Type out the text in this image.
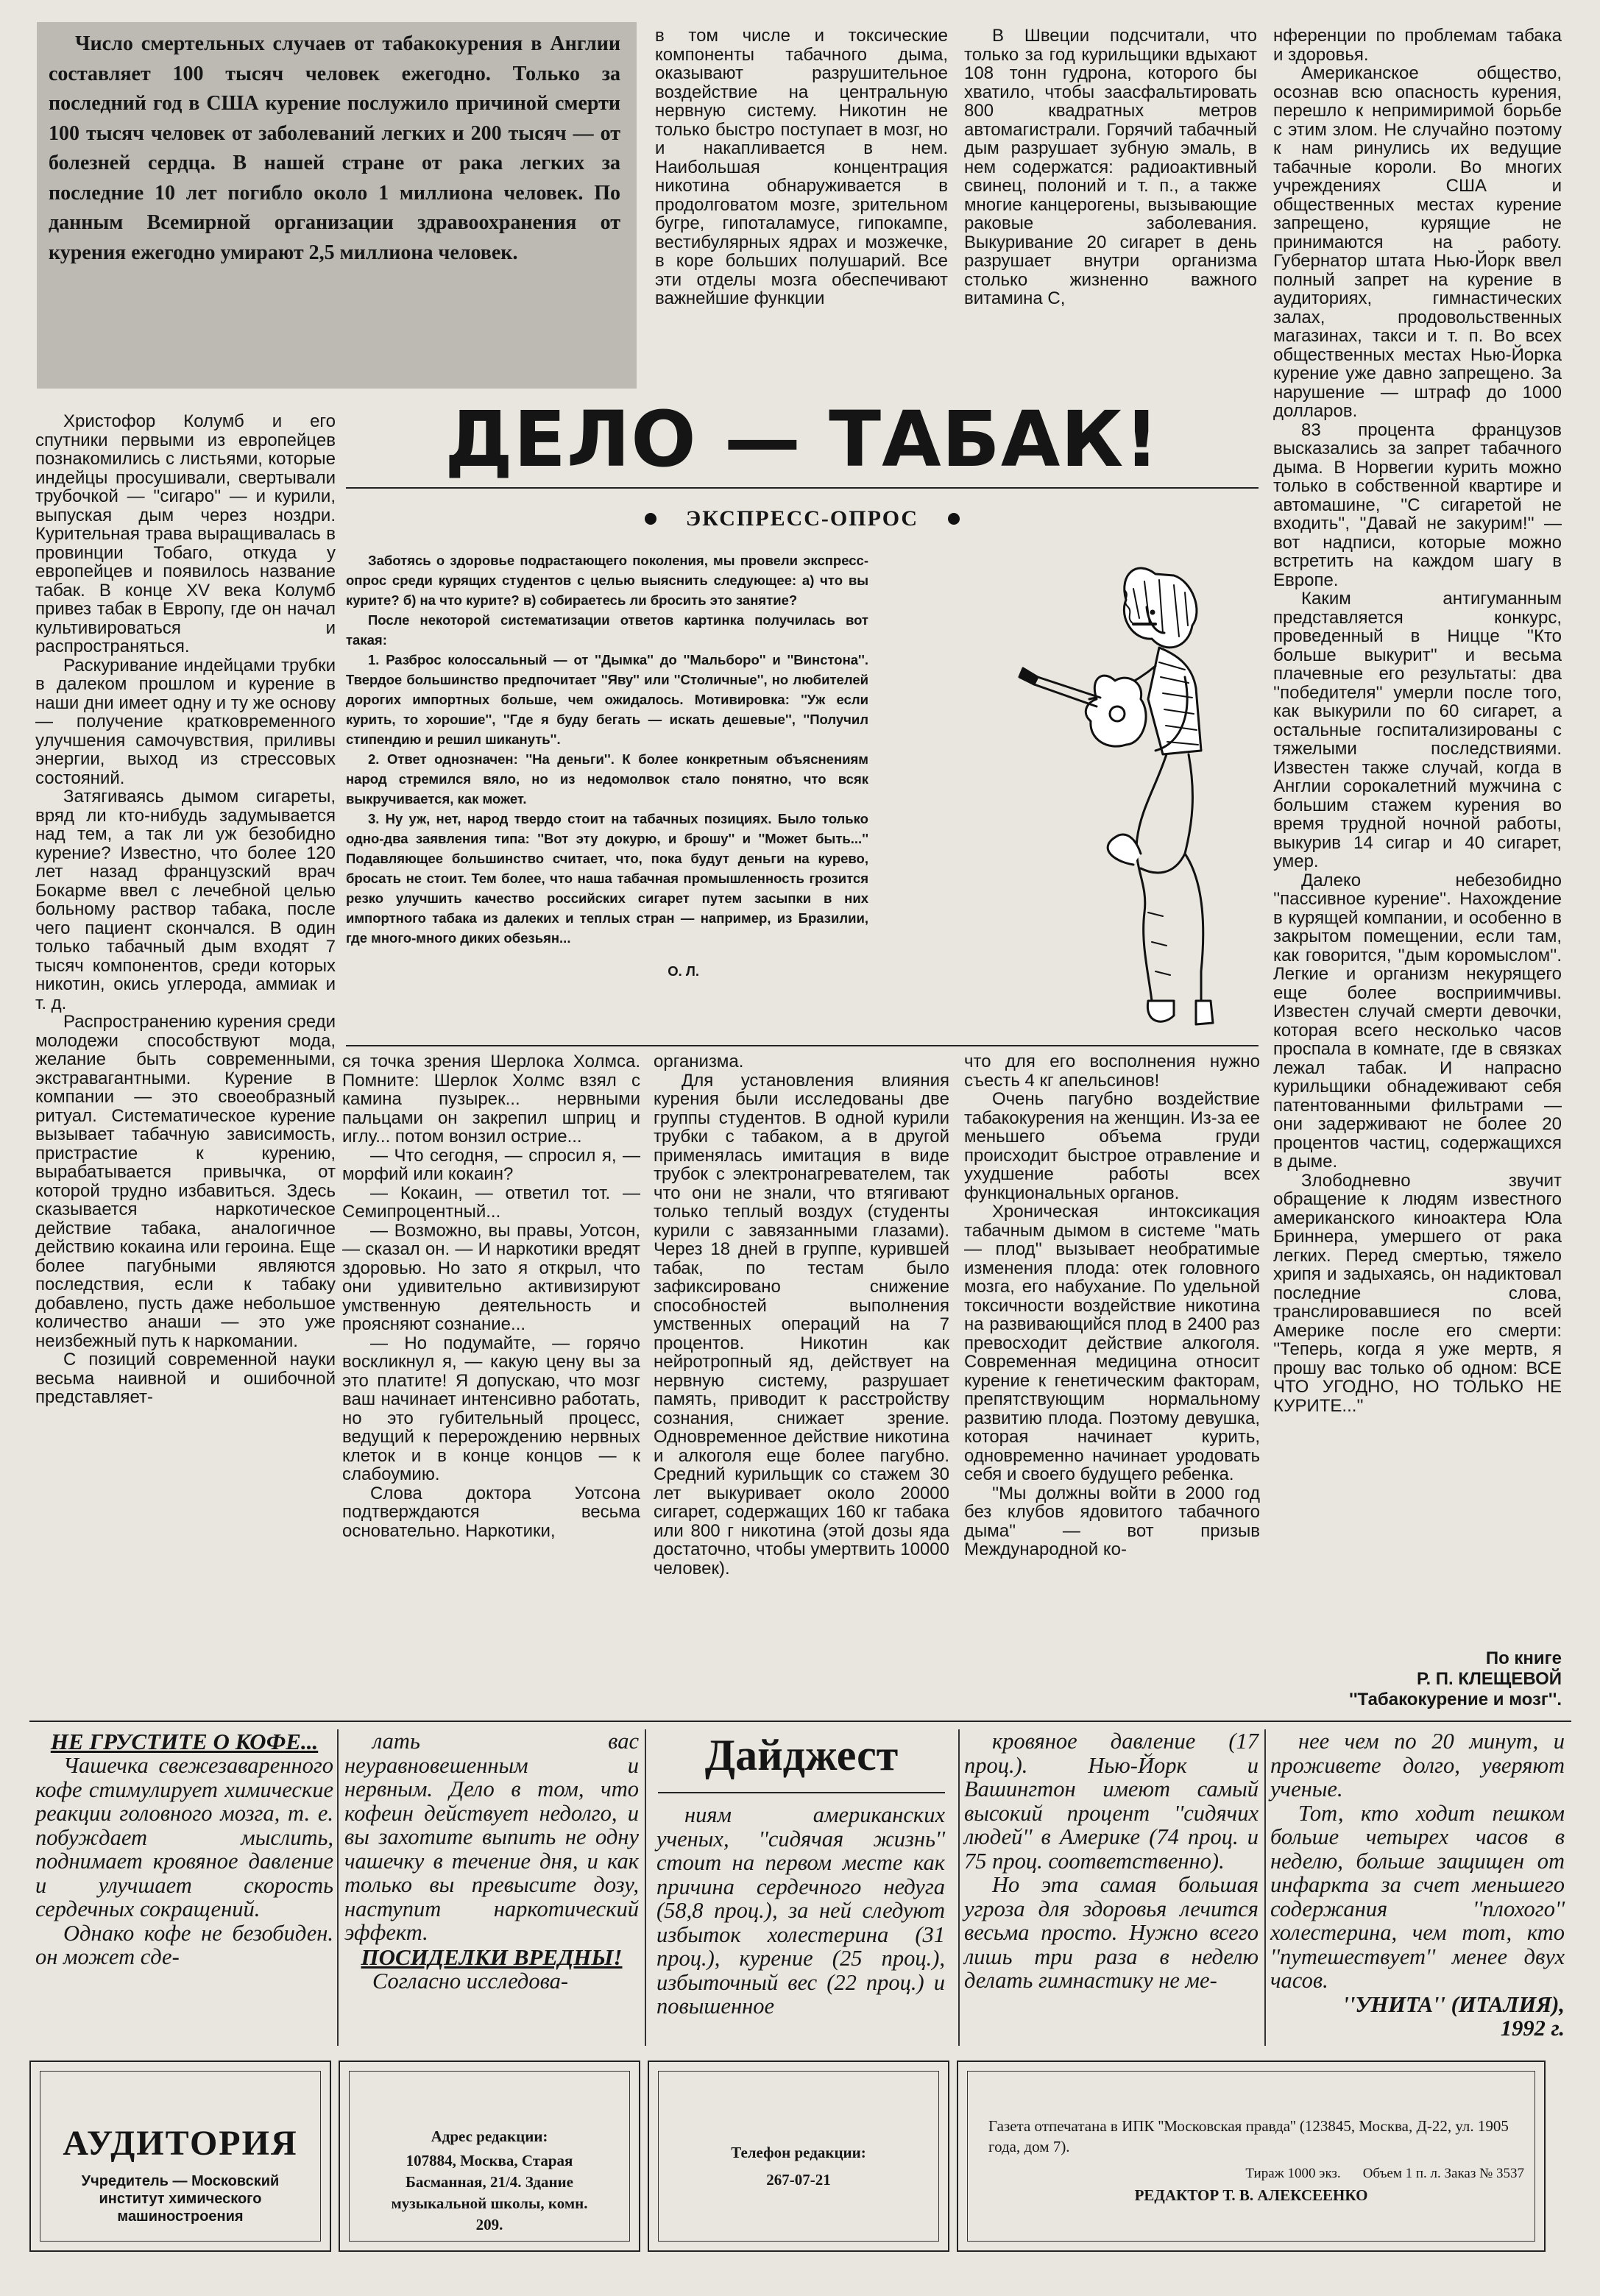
Число смертельных случаев от табакокурения в Англии составляет 100 тысяч человек ежегодно. Только за последний год в США курение послужило причиной смерти 100 тысяч человек от заболеваний легких и 200 тысяч — от болезней сердца. В нашей стране от рака легких за последние 10 лет погибло около 1 миллиона человек. По данным Всемирной организации здравоохранения от курения ежегодно умирают 2,5 миллиона человек.

в том числе и токсические компоненты табачного дыма, оказывают разрушительное воздействие на центральную нервную систему. Никотин не только быстро поступает в мозг, но и накапливается в нем. Наибольшая концентрация никотина обнаруживается в продолговатом мозге, зрительном бугре, гипоталамусе, гипокампе, вестибулярных ядрах и мозжечке, в коре больших полушарий. Все эти отделы мозга обеспечивают важнейшие функции

В Швеции подсчитали, что только за год курильщики вдыхают 108 тонн гудрона, которого бы хватило, чтобы заасфальтировать 800 квадратных метров автомагистрали. Горячий табачный дым разрушает зубную эмаль, в нем содержатся: радиоактивный свинец, полоний и т. п., а также многие канцерогены, вызывающие раковые заболевания. Выкуривание 20 сигарет в день разрушает внутри организма столько жизненно важного витамина С,

ДЕЛО — ТАБАК!
ЭКСПРЕСС-ОПРОС

Заботясь о здоровье подрастающего поколения, мы провели экспресс-опрос среди курящих студентов с целью выяснить следующее: а) что вы курите? б) на что курите? в) собираетесь ли бросить это занятие?

После некоторой систематизации ответов картинка получилась вот такая:

1. Разброс колоссальный — от ''Дымка'' до ''Мальборо'' и ''Винстона''. Твердое большинство предпочитает ''Яву'' или ''Столичные'', но любителей дорогих импортных больше, чем ожидалось. Мотивировка: ''Уж если курить, то хорошие'', ''Где я буду бегать — искать дешевые'', ''Получил стипендию и решил шикануть''.

2. Ответ однозначен: ''На деньги''. К более конкретным объяснениям народ стремился вяло, но из недомолвок стало понятно, что всяк выкручивается, как может.

3. Ну уж, нет, народ твердо стоит на табачных позициях. Было только одно-два заявления типа: ''Вот эту докурю, и брошу'' и ''Может быть...'' Подавляющее большинство считает, что, пока будут деньги на курево, бросать не стоит. Тем более, что наша табачная промышленность грозится резко улучшить качество российских сигарет путем засыпки в них импортного табака из далеких и теплых стран — например, из Бразилии, где много-много диких обезьян...

О. Л.

Христофор Колумб и его спутники первыми из европейцев познакомились с листьями, которые индейцы просушивали, свертывали трубочкой — ''сигаро'' — и курили, выпуская дым через ноздри. Курительная трава выращивалась в провинции Тобаго, откуда у европейцев и появилось название табак. В конце XV века Колумб привез табак в Европу, где он начал культивироваться и распространяться.

Раскуривание индейцами трубки в далеком прошлом и курение в наши дни имеет одну и ту же основу — получение кратковременного улучшения самочувствия, приливы энергии, выход из стрессовых состояний.

Затягиваясь дымом сигареты, вряд ли кто-нибудь задумывается над тем, а так ли уж безобидно курение? Известно, что более 120 лет назад французский врач Бокарме ввел с лечебной целью больному раствор табака, после чего пациент скончался. В один только табачный дым входят 7 тысяч компонентов, среди которых никотин, окись углерода, аммиак и т. д.

Распространению курения среди молодежи способствуют мода, желание быть современными, экстравагантными. Курение в компании — это своеобразный ритуал. Систематическое курение вызывает табачную зависимость, пристрастие к курению, вырабатывается привычка, от которой трудно избавиться. Здесь сказывается наркотическое действие табака, аналогичное действию кокаина или героина. Еще более пагубными являются последствия, если к табаку добавлено, пусть даже небольшое количество анаши — это уже неизбежный путь к наркомании.

С позиций современной науки весьма наивной и ошибочной представляет-

нференции по проблемам табака и здоровья.

Американское общество, осознав всю опасность курения, перешло к непримиримой борьбе с этим злом. Не случайно поэтому к нам ринулись их ведущие табачные короли. Во многих учреждениях США и общественных местах курение запрещено, курящие не принимаются на работу. Губернатор штата Нью-Йорк ввел полный запрет на курение в аудиториях, гимнастических залах, продовольственных магазинах, такси и т. п. Во всех общественных местах Нью-Йорка курение уже давно запрещено. За нарушение — штраф до 1000 долларов.

83 процента французов высказались за запрет табачного дыма. В Норвегии курить можно только в собственной квартире и автомашине, ''С сигаретой не входить'', ''Давай не закурим!'' — вот надписи, которые можно встретить на каждом шагу в Европе.

Каким антигуманным представляется конкурс, проведенный в Ницце ''Кто больше выкурит'' и весьма плачевные его результаты: два ''победителя'' умерли после того, как выкурили по 60 сигарет, а остальные госпитализированы с тяжелыми последствиями. Известен также случай, когда в Англии сорокалетний мужчина с большим стажем курения во время трудной ночной работы, выкурив 14 сигар и 40 сигарет, умер.

Далеко небезобидно ''пассивное курение''. Нахождение в курящей компании, и особенно в закрытом помещении, если там, как говорится, ''дым коромыслом''. Легкие и организм некурящего еще более восприимчивы. Известен случай смерти девочки, которая всего несколько часов проспала в комнате, где в связках лежал табак. И напрасно курильщики обнадеживают себя патентованными фильтрами — они задерживают не более 20 процентов частиц, содержащихся в дыме.

Злободневно звучит обращение к людям известного американского киноактера Юла Бриннера, умершего от рака легких. Перед смертью, тяжело хрипя и задыхаясь, он надиктовал последние слова, транслировавшиеся по всей Америке после его смерти: ''Теперь, когда я уже мертв, я прошу вас только об одном: ВСЕ ЧТО УГОДНО, НО ТОЛЬКО НЕ КУРИТЕ...''

По книге
Р. П. КЛЕЩЕВОЙ
''Табакокурение и мозг''.

ся точка зрения Шерлока Холмса. Помните: Шерлок Холмс взял с камина пузырек... нервными пальцами он закрепил шприц и иглу... потом вонзил острие...

— Что сегодня, — спросил я, — морфий или кокаин?

— Кокаин, — ответил тот. — Семипроцентный...

— Возможно, вы правы, Уотсон, — сказал он. — И наркотики вредят здоровью. Но зато я открыл, что они удивительно активизируют умственную деятельность и проясняют сознание...

— Но подумайте, — горячо воскликнул я, — какую цену вы за это платите! Я допускаю, что мозг ваш начинает интенсивно работать, но это губительный процесс, ведущий к перерождению нервных клеток и в конце концов — к слабоумию.

Слова доктора Уотсона подтверждаются весьма основательно. Наркотики,

организма.

Для установления влияния курения были исследованы две группы студентов. В одной курили трубки с табаком, а в другой применялась имитация в виде трубок с электронагревателем, так что они не знали, что втягивают только теплый воздух (студенты курили с завязанными глазами). Через 18 дней в группе, курившей табак, по тестам было зафиксировано снижение способностей выполнения умственных операций на 7 процентов. Никотин как нейротропный яд, действует на нервную систему, разрушает память, приводит к расстройству сознания, снижает зрение. Одновременное действие никотина и алкоголя еще более пагубно. Средний курильщик со стажем 30 лет выкуривает около 20000 сигарет, содержащих 160 кг табака или 800 г никотина (этой дозы яда достаточно, чтобы умертвить 10000 человек).

что для его восполнения нужно съесть 4 кг апельсинов!

Очень пагубно воздействие табакокурения на женщин. Из-за ее меньшего объема груди происходит быстрое отравление и ухудшение работы всех функциональных органов.

Хроническая интоксикация табачным дымом в системе ''мать — плод'' вызывает необратимые изменения плода: отек головного мозга, его набухание. По удельной токсичности воздействие никотина на развивающийся плод в 2400 раз превосходит действие алкоголя. Современная медицина относит курение к генетическим факторам, препятствующим нормальному развитию плода. Поэтому девушка, которая начинает курить, одновременно начинает уродовать себя и своего будущего ребенка.

''Мы должны войти в 2000 год без клубов ядовитого табачного дыма'' — вот призыв Международной ко-

НЕ ГРУСТИТЕ О КОФЕ...

Чашечка свежезаваренного кофе стимулирует химические реакции головного мозга, т. е. побуждает мыслить, поднимает кровяное давление и улучшает скорость сердечных сокращений.

Однако кофе не безобиден. он может сде-

лать вас неуравновешенным и нервным. Дело в том, что кофеин действует недолго, и вы захотите выпить не одну чашечку в течение дня, и как только вы превысите дозу, наступит наркотический эффект.

ПОСИДЕЛКИ ВРЕДНЫ!

Согласно исследова-

Дайджест

ниям американских ученых, ''сидячая жизнь'' стоит на первом месте как причина сердечного недуга (58,8 проц.), за ней следуют избыток холестерина (31 проц.), курение (25 проц.), избыточный вес (22 проц.) и повышенное

кровяное давление (17 проц.). Нью-Йорк и Вашингтон имеют самый высокий процент ''сидячих людей'' в Америке (74 проц. и 75 проц. соответственно).

Но эта самая большая угроза для здоровья лечится весьма просто. Нужно всего лишь три раза в неделю делать гимнастику не ме-

нее чем по 20 минут, и проживете долго, уверяют ученые.

Тот, кто ходит пешком больше четырех часов в неделю, больше защищен от инфаркта за счет меньшего содержания ''плохого'' холестерина, чем тот, кто ''путешествует'' менее двух часов.

''УНИТА'' (ИТАЛИЯ),
1992 г.
АУДИТОРИЯ
Учредитель — Московский институт химического машиностроения
Адрес редакции:
107884, Москва, Старая Басманная, 21/4. Здание музыкальной школы, комн. 209.
Телефон редакции:
267-07-21
Газета отпечатана в ИПК ''Московская правда'' (123845, Москва, Д-22, ул. 1905 года, дом 7).
Тираж 1000 экз. Объем 1 п. л. Заказ № 3537
РЕДАКТОР Т. В. АЛЕКСЕЕНКО
